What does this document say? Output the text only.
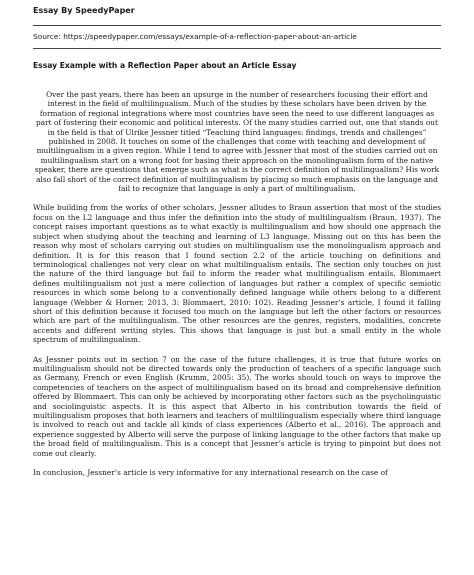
Essay By SpeedyPaper

Source: https://speedypaper.com/essays/example-of-a-reflection-paper-about-an-article

Essay Example with a Reflection Paper about an Article Essay

Over the past years, there has been an upsurge in the number of researchers focusing their effort and interest in the field of multilingualism. Much of the studies by these scholars have been driven by the formation of regional integrations where most countries have seen the need to use different languages as part of fostering their economic and political interests. Of the many studies carried out, one that stands out in the field is that of Ulrike Jessner titled “Teaching third languages: findings, trends and challenges” published in 2008. It touches on some of the challenges that come with teaching and development of multilingualism in a given region. While I tend to agree with Jessner that most of the studies carried out on multilingualism start on a wrong foot for basing their approach on the monolingualism form of the native speaker, there are questions that emerge such as what is the correct definition of multilingualism? His work also fall short of the correct definition of multilingualism by placing so much emphasis on the language and fail to recognize that language is only a part of multilingualism.

While building from the works of other scholars, Jessner alludes to Braun assertion that most of the studies focus on the L2 language and thus infer the definition into the study of multilingualism (Braun, 1937). The concept raises important questions as to what exactly is multilingualism and how should one approach the subject when studying about the teaching and learning of L3 language. Missing out on this has been the reason why most of scholars carrying out studies on multilingualism use the monolingualism approach and definition. It is for this reason that I found section 2.2 of the article touching on definitions and terminological challenges not very clear on what multilingualism entails. The section only touches on just the nature of the third language but fail to inform the reader what multilingualism entails. Blommaert defines multilingualism not just a mere collection of languages but rather a complex of specific semiotic resources in which some belong to a conventionally defined language while others belong to a different language (Webber & Horner, 2013, 3: Blommaert, 2010: 102). Reading Jessner’s article, I found it falling short of this definition because it focused too much on the language but left the other factors or resources which are part of the multilingualism. The other resources are the genres, registers, modalities, concrete accents and different writing styles. This shows that language is just but a small entity in the whole spectrum of multilingualism.

As Jessner points out in section 7 on the case of the future challenges, it is true that future works on multilingualism should not be directed towards only the production of teachers of a specific language such as Germany, French or even English (Krumm, 2005: 35). The works should touch on ways to improve the competencies of teachers on the aspect of multilingualism based on its broad and comprehensive definition offered by Blommaert. This can only be achieved by incorporating other factors such as the psycholinguistic and sociolinguistic aspects. It is this aspect that Alberto in his contribution towards the field of multilingualism proposes that both learners and teachers of multilingualism especially where third language is involved to reach out and tackle all kinds of class experiences (Alberto et al., 2016). The approach and experience suggested by Alberto will serve the purpose of linking language to the other factors that make up the broad field of multilingualism. This is a concept that Jessner’s article is trying to pinpoint but does not come out clearly.

In conclusion, Jessner’s article is very informative for any international research on the case of
